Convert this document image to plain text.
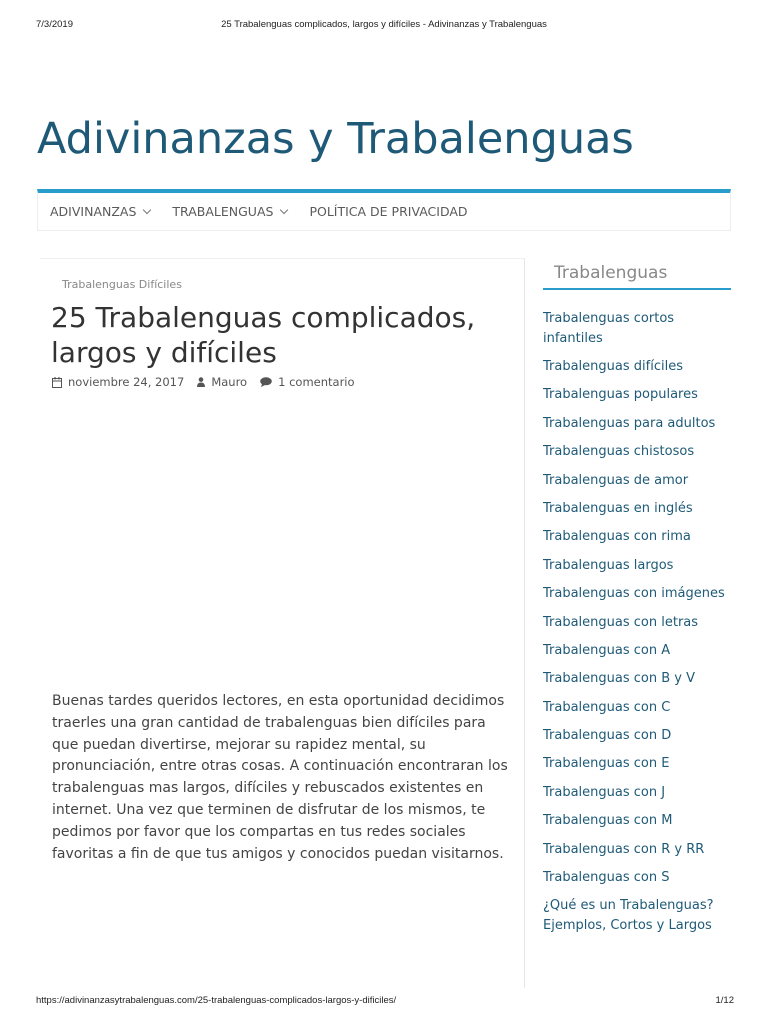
7/3/2019	25 Trabalenguas complicados, largos y difíciles - Adivinanzas y Trabalenguas
Adivinanzas y Trabalenguas
ADIVINANZAS	TRABALENGUAS	POLÍTICA DE PRIVACIDAD
Trabalenguas Difíciles
25 Trabalenguas complicados, largos y difíciles
noviembre 24, 2017 Mauro	1 comentario

Buenas tardes queridos lectores, en esta oportunidad decidimos traerles una gran cantidad de trabalenguas bien difíciles para que puedan divertirse, mejorar su rapidez mental, su pronunciación, entre otras cosas. A continuación encontraran los trabalenguas mas largos, difíciles y rebuscados existentes en internet. Una vez que terminen de disfrutar de los mismos, te pedimos por favor que los compartas en tus redes sociales favoritas a fin de que tus amigos y conocidos puedan visitarnos.

Trabalenguas
Trabalenguas cortos infantiles
Trabalenguas difíciles
Trabalenguas populares
Trabalenguas para adultos
Trabalenguas chistosos
Trabalenguas de amor
Trabalenguas en inglés
Trabalenguas con rima
Trabalenguas largos
Trabalenguas con imágenes
Trabalenguas con letras
Trabalenguas con A
Trabalenguas con B y V
Trabalenguas con C
Trabalenguas con D
Trabalenguas con E
Trabalenguas con J
Trabalenguas con M
Trabalenguas con R y RR
Trabalenguas con S
¿Qué es un Trabalenguas? Ejemplos, Cortos y Largos
https://adivinanzasytrabalenguas.com/25-trabalenguas-complicados-largos-y-dificiles/	1/12
